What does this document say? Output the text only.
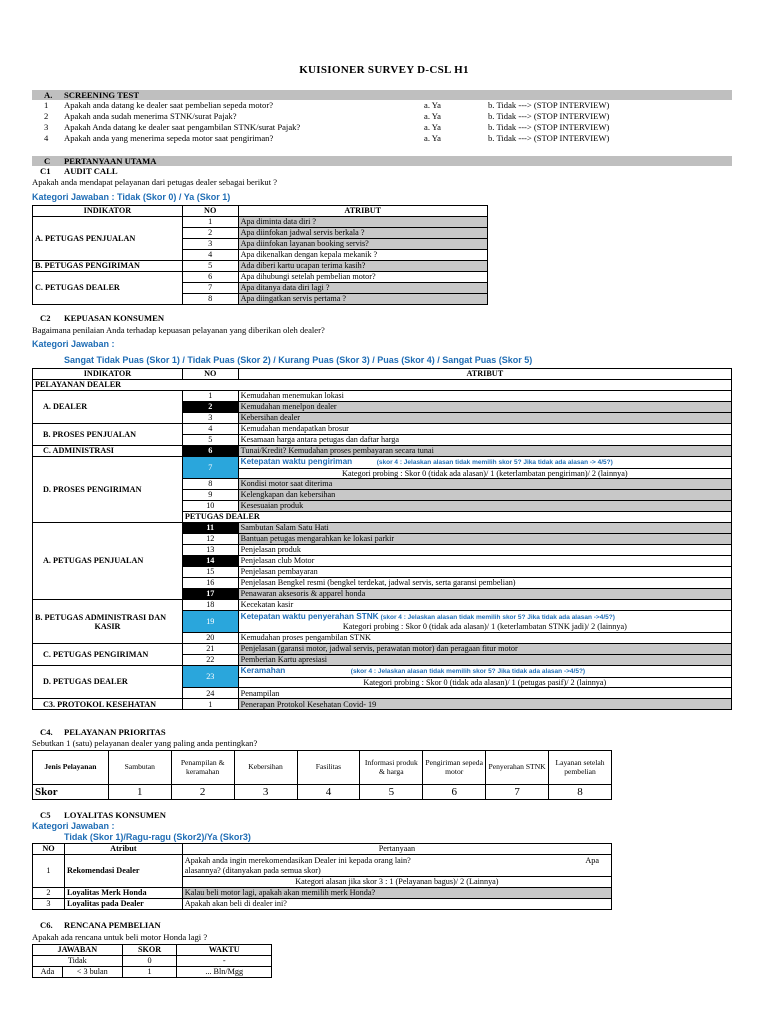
KUISIONER SURVEY D-CSL H1
A. SCREENING TEST
1 Apakah anda datang ke dealer saat pembelian sepeda motor?	a. Ya	b. Tidak ---> (STOP INTERVIEW)
2 Apakah anda sudah menerima STNK/surat Pajak?	a. Ya	b. Tidak ---> (STOP INTERVIEW)
3 Apakah Anda datang ke dealer saat pengambilan STNK/surat Pajak?	a. Ya	b. Tidak ---> (STOP INTERVIEW)
4 Apakah anda yang menerima sepeda motor saat pengiriman?	a. Ya	b. Tidak ---> (STOP INTERVIEW)
C PERTANYAAN UTAMA
C1 AUDIT CALL
Apakah anda mendapat pelayanan dari petugas dealer sebagai berikut ?
Kategori Jawaban : Tidak (Skor 0) / Ya (Skor 1)
INDIKATOR	NO	ATRIBUT
A. PETUGAS PENJUALAN	1	Apa diminta data diri ?
	2	Apa diinfokan jadwal servis berkala ?
	3	Apa diinfokan layanan booking servis?
	4	Apa dikenalkan dengan kepala mekanik ?
B. PETUGAS PENGIRIMAN	5	Ada diberi kartu ucapan terima kasih?
C. PETUGAS DEALER	6	Apa dihubungi setelah pembelian motor?
	7	Apa ditanya data diri lagi ?
	8	Apa diingatkan servis pertama ?
C2 KEPUASAN KONSUMEN
Bagaimana penilaian Anda terhadap kepuasan pelayanan yang diberikan oleh dealer?
Kategori Jawaban :
Sangat Tidak Puas (Skor 1) / Tidak Puas (Skor 2) / Kurang Puas (Skor 3) / Puas (Skor 4) / Sangat Puas (Skor 5)
INDIKATOR	NO	ATRIBUT
PELAYANAN DEALER		
A. DEALER	1	Kemudahan menemukan lokasi
	2	Kemudahan menelpon dealer
	3	Kebersihan dealer
B. PROSES PENJUALAN	4	Kemudahan mendapatkan brosur
	5	Kesamaan harga antara petugas dan daftar harga
C. ADMINISTRASI	6	Tunai/Kredit? Kemudahan proses pembayaran secara tunai
D. PROSES PENGIRIMAN	7	Ketepatan waktu pengiriman (skor 4 : Jelaskan alasan tidak memilih skor 5? Jika tidak ada alasan -> 4/5?)
Kategori probing : Skor 0 (tidak ada alasan)/ 1 (keterlambatan pengiriman)/ 2 (lainnya)

	8	Kondisi motor saat diterima
	9	Kelengkapan dan kebersihan
	10	Kesesuaian produk
	PETUGAS DEALER	
A. PETUGAS PENJUALAN	11	Sambutan Salam Satu Hati
	12	Bantuan petugas mengarahkan ke lokasi parkir
	13	Penjelasan produk
	14	Penjelasan club Motor
	15	Penjelasan pembayaran
	16	Penjelasan Bengkel resmi (bengkel terdekat, jadwal servis, serta garansi pembelian)
	17	Penawaran aksesoris & apparel honda

B. PETUGAS ADMINISTRASI DAN
KASIR	18	Kecekatan kasir
	19	Ketepatan waktu penyerahan STNK (skor 4 : Jelaskan alasan tidak memilih skor 5? Jika tidak ada alasan ->4/5?)
Kategori probing : Skor 0 (tidak ada alasan)/ 1 (keterlambatan STNK jadi)/ 2 (lainnya)

	20	Kemudahan proses pengambilan STNK
C. PETUGAS PENGIRIMAN	21	Penjelasan (garansi motor, jadwal servis, perawatan motor) dan peragaan fitur motor
	22	Pemberian Kartu apresiasi
D. PETUGAS DEALER	23	Keramahan (skor 4 : Jelaskan alasan tidak memilih skor 5? Jika tidak ada alasan ->4/5?)
Kategori probing : Skor 0 (tidak ada alasan)/ 1 (petugas pasif)/ 2 (lainnya)

	24	Penampilan
C3. PROTOKOL KESEHATAN	1	Penerapan Protokol Kesehatan Covid- 19
C4. PELAYANAN PRIORITAS
Sebutkan 1 (satu) pelayanan dealer yang paling anda pentingkan?
Jenis Pelayanan	Sambutan	Penampilan & keramahan	Kebersihan	Fasilitas	Informasi produk & harga	Pengiriman sepeda motor	Penyerahan STNK	Layanan setelah pembelian
Skor	1	2	3	4	5	6	7	8
C5 LOYALITAS KONSUMEN
Kategori Jawaban :
Tidak (Skor 1)/Ragu-ragu (Skor2)/Ya (Skor3)
NO	Atribut	Pertanyaan
1	Rekomendasi Dealer	Apakah anda ingin merekomendasikan Dealer ini kepada orang lain? Apa
alasannya? (ditanyakan pada semua skor)

		Kategori alasan jika skor 3 : 1 (Pelayanan bagus)/ 2 (Lainnya)
2	Loyalitas Merk Honda	Kalau beli motor lagi, apakah akan memilih merk Honda?
3	Loyalitas pada Dealer	Apakah akan beli di dealer ini?
C6. RENCANA PEMBELIAN
Apakah ada rencana untuk beli motor Honda lagi ?
JAWABAN		SKOR	WAKTU
Tidak		0	-
Ada	< 3 bulan	1	... Bln/Mgg
